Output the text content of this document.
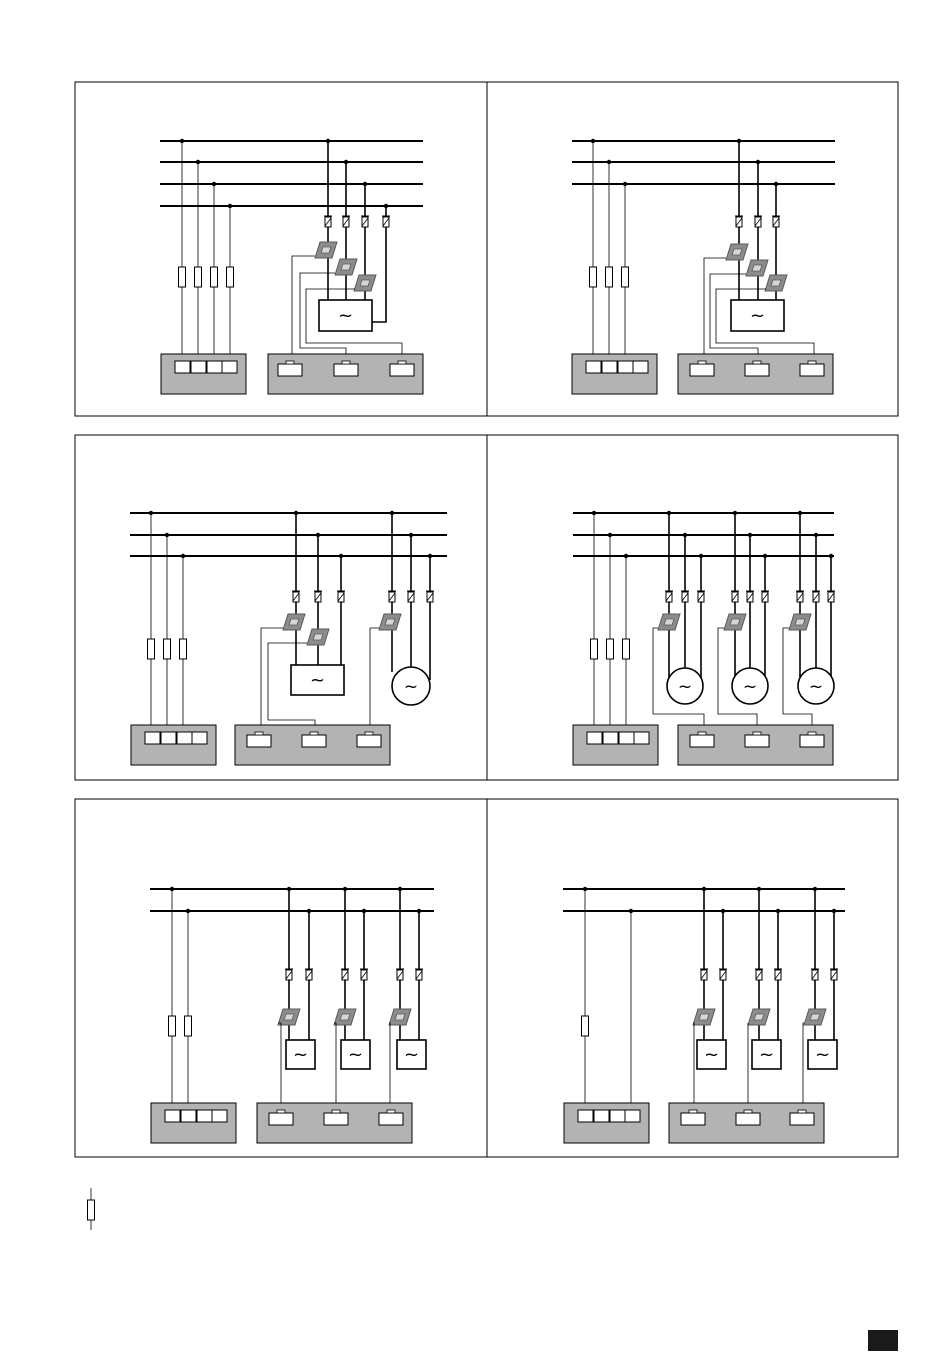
~	~
~	~	~	~	~
~ ~ ~	~ ~ ~
